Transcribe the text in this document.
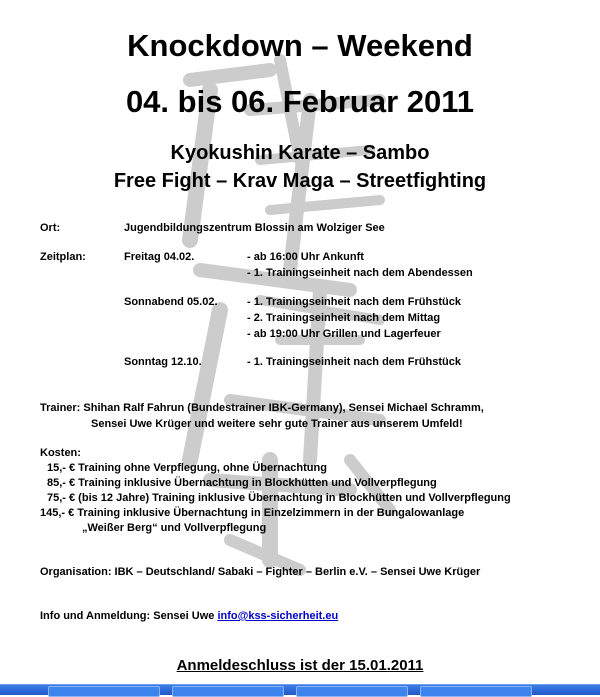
Knockdown – Weekend
04. bis 06. Februar 2011
Kyokushin Karate – Sambo
Free Fight – Krav Maga – Streetfighting
Ort:	Jugendbildungszentrum Blossin am Wolziger See
Zeitplan:	Freitag 04.02.	- ab 16:00 Uhr Ankunft
- 1. Trainingseinheit nach dem Abendessen
Sonnabend 05.02.	- 1. Trainingseinheit nach dem Frühstück
- 2. Trainingseinheit nach dem Mittag
- ab 19:00 Uhr Grillen und Lagerfeuer
Sonntag 12.10.	- 1. Trainingseinheit nach dem Frühstück
Trainer: Shihan Ralf Fahrun (Bundestrainer IBK-Germany), Sensei Michael Schramm,
Sensei Uwe Krüger und weitere sehr gute Trainer aus unserem Umfeld!
Kosten:
15,- € Training ohne Verpflegung, ohne Übernachtung
85,- € Training inklusive Übernachtung in Blockhütten und Vollverpflegung
75,- € (bis 12 Jahre) Training inklusive Übernachtung in Blockhütten und Vollverpflegung
145,- € Training inklusive Übernachtung in Einzelzimmern in der Bungalowanlage
„Weißer Berg“ und Vollverpflegung
Organisation: IBK – Deutschland/ Sabaki – Fighter – Berlin e.V. – Sensei Uwe Krüger
Info und Anmeldung: Sensei Uwe info@kss-sicherheit.eu
Anmeldeschluss ist der 15.01.2011
